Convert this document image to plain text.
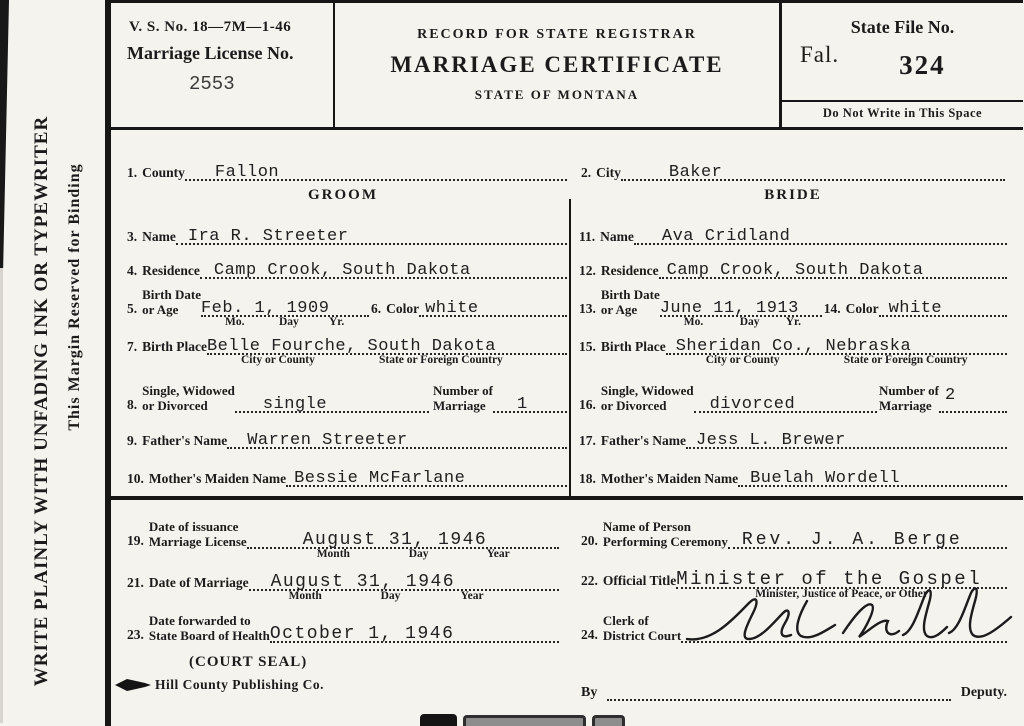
This Margin Reserved for Binding
WRITE PLAINLY WITH UNFADING INK OR TYPEWRITER
V. S. No. 18—7M—1-46
Marriage License No.
2553
RECORD FOR STATE REGISTRAR
MARRIAGE CERTIFICATE
STATE OF MONTANA
State File No.
Fal. 324
Do Not Write in This Space
1. County	Fallon	2. City	Baker
GROOM	BRIDE
3. Name Ira R. Streeter
4. Residence Camp Crook, South Dakota
5.
Birth Date
or Age	Feb. 1, 1909
Mo.	Day	Yr.
6. Color white
7. Birth Place Belle Fourche, South Dakota
City or County	State or Foreign Country
8.
Single, Widowed
or Divorced	single
Number of
Marriage	1
9. Father's Name	Warren Streeter
10. Mother's Maiden Name Bessie McFarlane
11. Name	Ava Cridland
12. Residence Camp Crook, South Dakota
13.
Birth Date
or Age	June 11, 1913
Mo.	Day Yr.
14. Color white
15. Birth Place Sheridan Co., Nebraska
City or County	State or Foreign Country
16.
Single, Widowed
or Divorced	divorced
Number of
Marriage
2
17. Father's Name Jess L. Brewer
18. Mother's Maiden Name Buelah Wordell
19.
Date of issuance
Marriage License	August 31, 1946
Month	Day	Year
21. Date of Marriage	August 31, 1946
Month	Day	Year
23.
Date forwarded to
State Board of Health October 1, 1946
(COURT SEAL)
Hill County Publishing Co.
20.
Name of Person
Performing Ceremony Rev. J. A. Berge
22. Official Title Minister of the Gospel
Minister, Justice of Peace, or Other
24.
Clerk of
District Court
By	Deputy.
